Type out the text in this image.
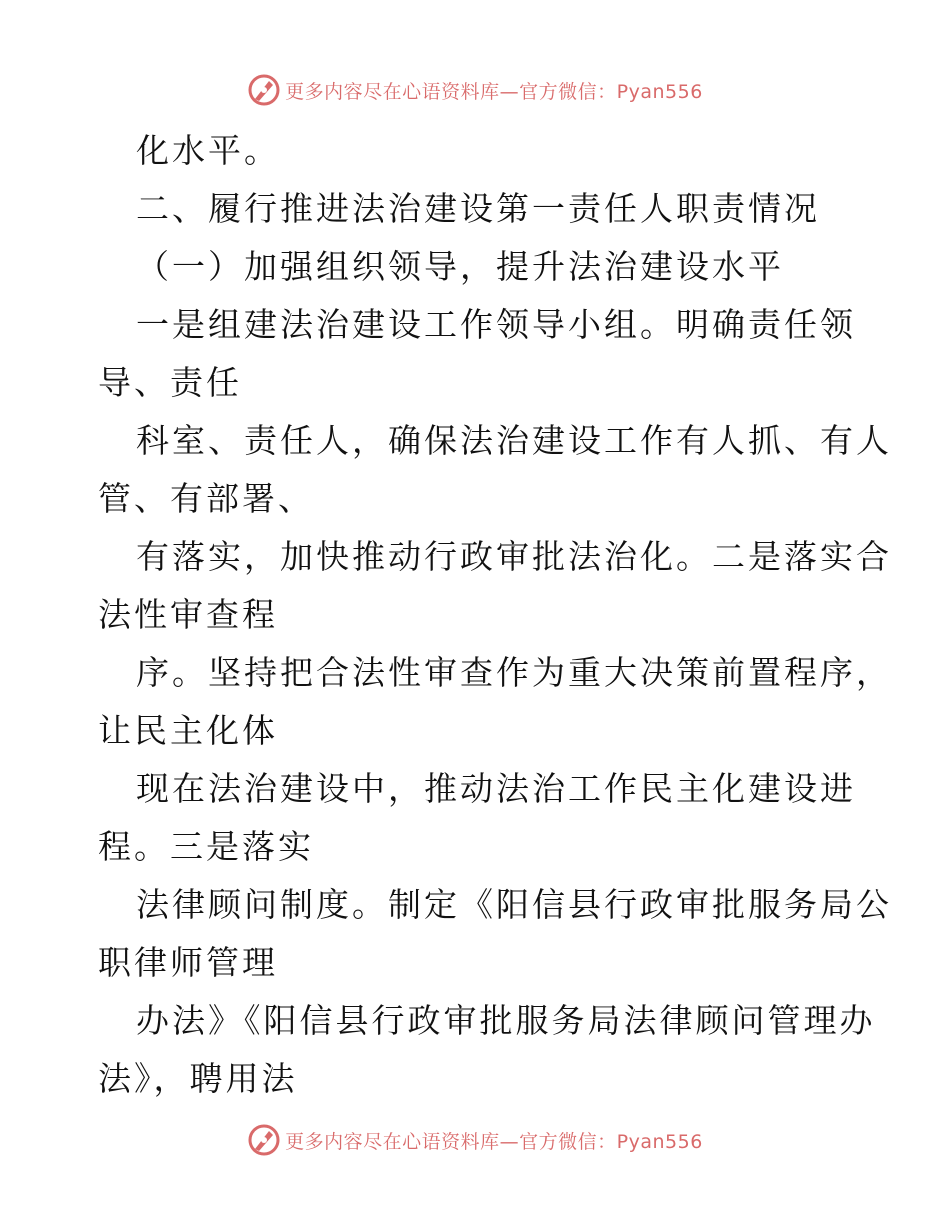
更多内容尽在心语资料库—官方微信：Pyan556
化水平。
二、履行推进法治建设第一责任人职责情况
（一）加强组织领导，提升法治建设水平
一是组建法治建设工作领导小组。明确责任领
导、责任
科室、责任人，确保法治建设工作有人抓、有人
管、有部署、
有落实，加快推动行政审批法治化。二是落实合
法性审查程
序。坚持把合法性审查作为重大决策前置程序，
让民主化体
现在法治建设中，推动法治工作民主化建设进
程。三是落实
法律顾问制度。制定《阳信县行政审批服务局公
职律师管理
办法》《阳信县行政审批服务局法律顾问管理办
法》，聘用法
更多内容尽在心语资料库—官方微信：Pyan556
